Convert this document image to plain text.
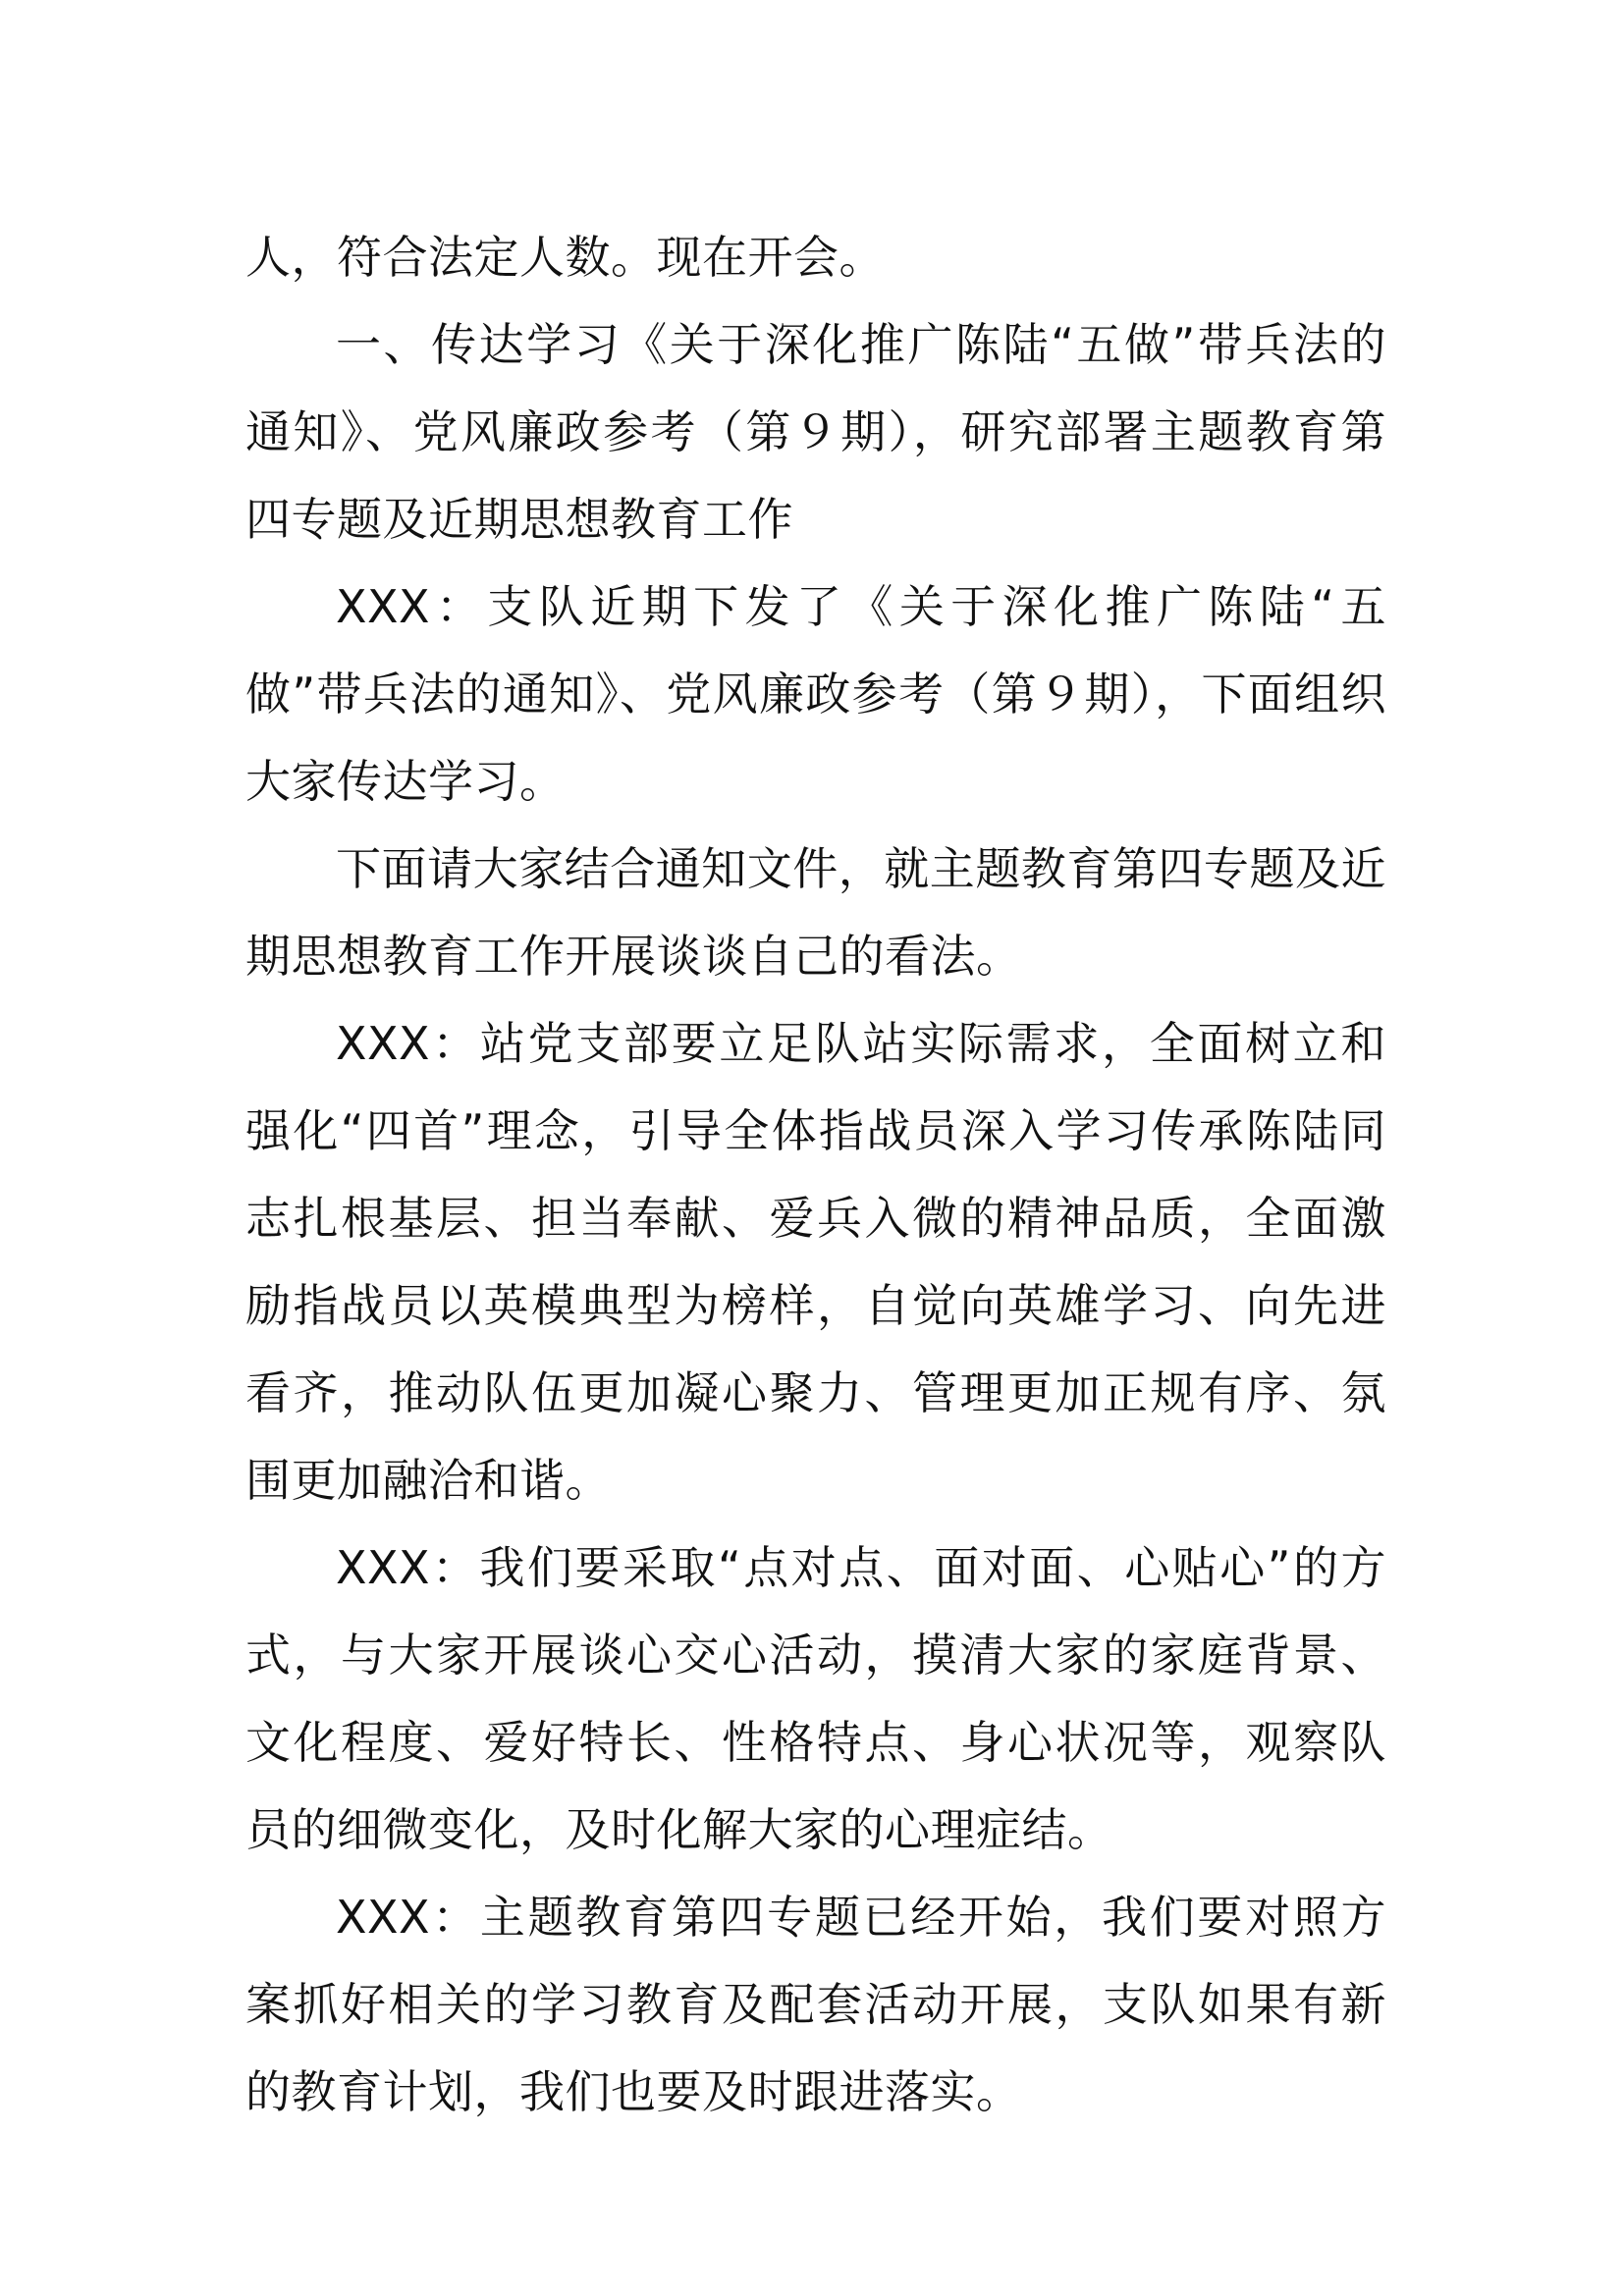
人，符合法定人数。现在开会。

一、传达学习《关于深化推广陈陆“五做”带兵法的通知》、党风廉政参考（第９期），研究部署主题教育第四专题及近期思想教育工作

XXX：支队近期下发了《关于深化推广陈陆“五做”带兵法的通知》、党风廉政参考（第９期），下面组织大家传达学习。

下面请大家结合通知文件，就主题教育第四专题及近期思想教育工作开展谈谈自己的看法。

XXX：站党支部要立足队站实际需求，全面树立和强化“四首”理念，引导全体指战员深入学习传承陈陆同志扎根基层、担当奉献、爱兵入微的精神品质，全面激励指战员以英模典型为榜样，自觉向英雄学习、向先进看齐，推动队伍更加凝心聚力、管理更加正规有序、氛围更加融洽和谐。

XXX：我们要采取“点对点、面对面、心贴心”的方式，与大家开展谈心交心活动，摸清大家的家庭背景、文化程度、爱好特长、性格特点、身心状况等，观察队员的细微变化，及时化解大家的心理症结。

XXX：主题教育第四专题已经开始，我们要对照方案抓好相关的学习教育及配套活动开展，支队如果有新的教育计划，我们也要及时跟进落实。
